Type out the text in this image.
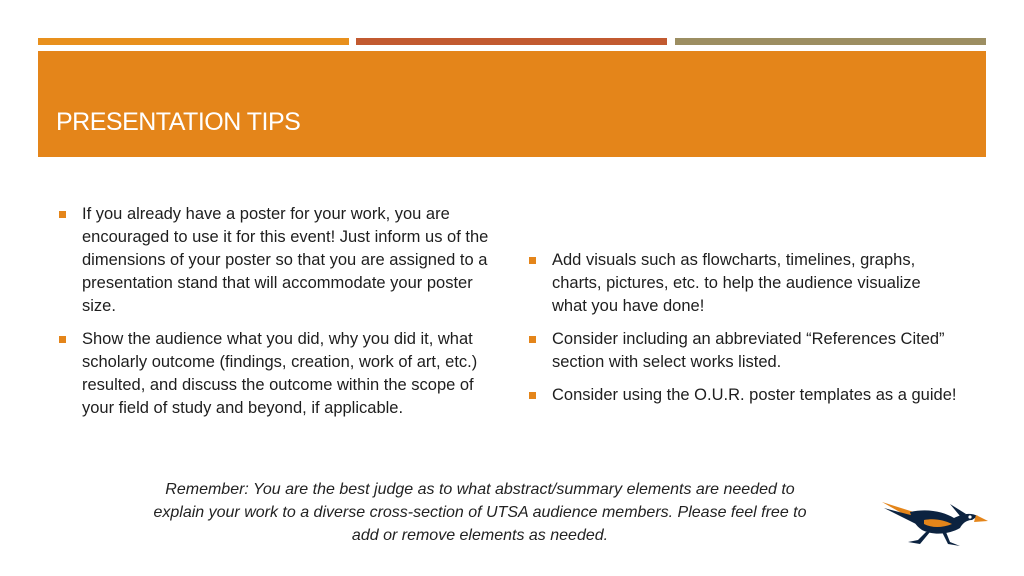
PRESENTATION TIPS
If you already have a poster for your work, you are encouraged to use it for this event! Just inform us of the dimensions of your poster so that you are assigned to a presentation stand that will accommodate your poster size.
Show the audience what you did, why you did it, what scholarly outcome (findings, creation, work of art, etc.) resulted, and discuss the outcome within the scope of your field of study and beyond, if applicable.
Add visuals such as flowcharts, timelines, graphs, charts, pictures, etc. to help the audience visualize what you have done!
Consider including an abbreviated “References Cited” section with select works listed.
Consider using the O.U.R. poster templates as a guide!
Remember: You are the best judge as to what abstract/summary elements are needed to explain your work to a diverse cross-section of UTSA audience members. Please feel free to add or remove elements as needed.
